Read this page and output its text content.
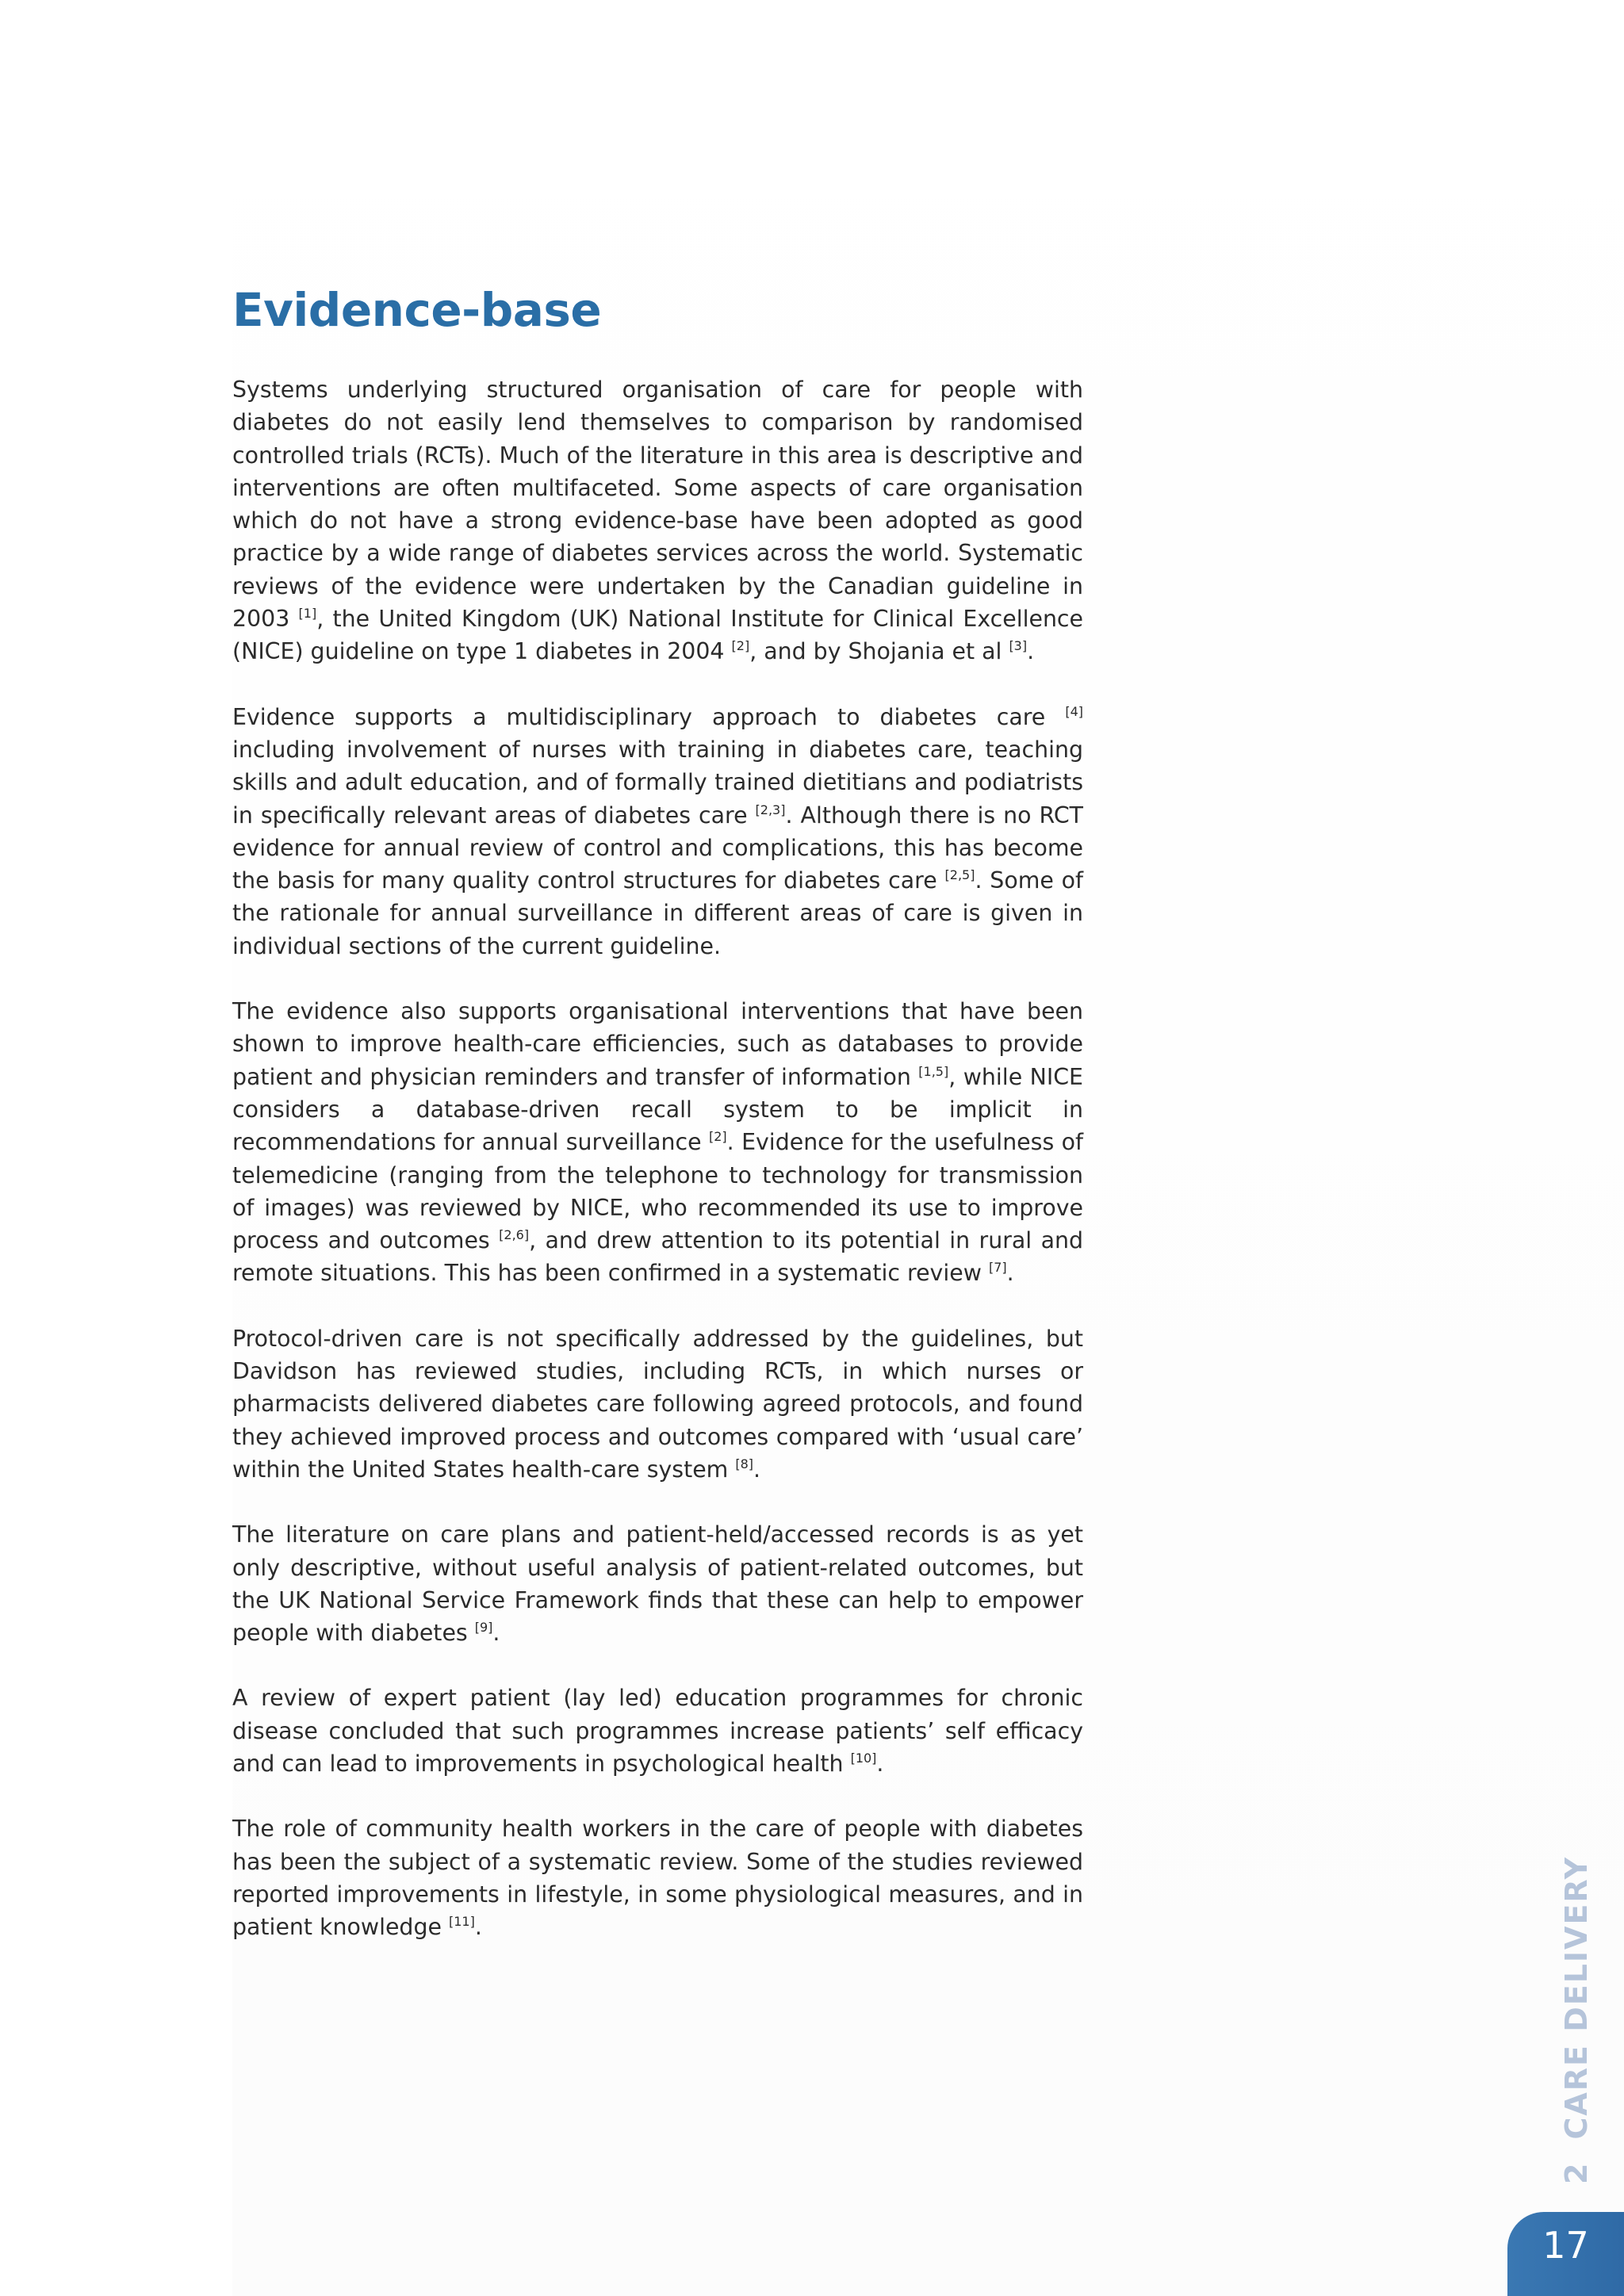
Evidence-base

Systems underlying structured organisation of care for people with diabetes do not easily lend themselves to comparison by randomised controlled trials (RCTs). Much of the literature in this area is descriptive and interventions are often multifaceted. Some aspects of care organisation which do not have a strong evidence-base have been adopted as good practice by a wide range of diabetes services across the world. Systematic reviews of the evidence were undertaken by the Canadian guideline in 2003 [1], the United Kingdom (UK) National Institute for Clinical Excellence (NICE) guideline on type 1 diabetes in 2004 [2], and by Shojania et al [3].

Evidence supports a multidisciplinary approach to diabetes care [4] including involvement of nurses with training in diabetes care, teaching skills and adult education, and of formally trained dietitians and podiatrists in specifically relevant areas of diabetes care [2,3]. Although there is no RCT evidence for annual review of control and complications, this has become the basis for many quality control structures for diabetes care [2,5]. Some of the rationale for annual surveillance in different areas of care is given in individual sections of the current guideline.

The evidence also supports organisational interventions that have been shown to improve health-care efficiencies, such as databases to provide patient and physician reminders and transfer of information [1,5], while NICE considers a database-driven recall system to be implicit in recommendations for annual surveillance [2]. Evidence for the usefulness of telemedicine (ranging from the telephone to technology for transmission of images) was reviewed by NICE, who recommended its use to improve process and outcomes [2,6], and drew attention to its potential in rural and remote situations. This has been confirmed in a systematic review [7].

Protocol-driven care is not specifically addressed by the guidelines, but Davidson has reviewed studies, including RCTs, in which nurses or pharmacists delivered diabetes care following agreed protocols, and found they achieved improved process and outcomes compared with ‘usual care’ within the United States health-care system [8].

The literature on care plans and patient-held/accessed records is as yet only descriptive, without useful analysis of patient-related outcomes, but the UK National Service Framework finds that these can help to empower people with diabetes [9].

A review of expert patient (lay led) education programmes for chronic disease concluded that such programmes increase patients’ self efficacy and can lead to improvements in psychological health [10].

The role of community health workers in the care of people with diabetes has been the subject of a systematic review. Some of the studies reviewed reported improvements in lifestyle, in some physiological measures, and in patient knowledge [11].

2CARE DELIVERY
17
